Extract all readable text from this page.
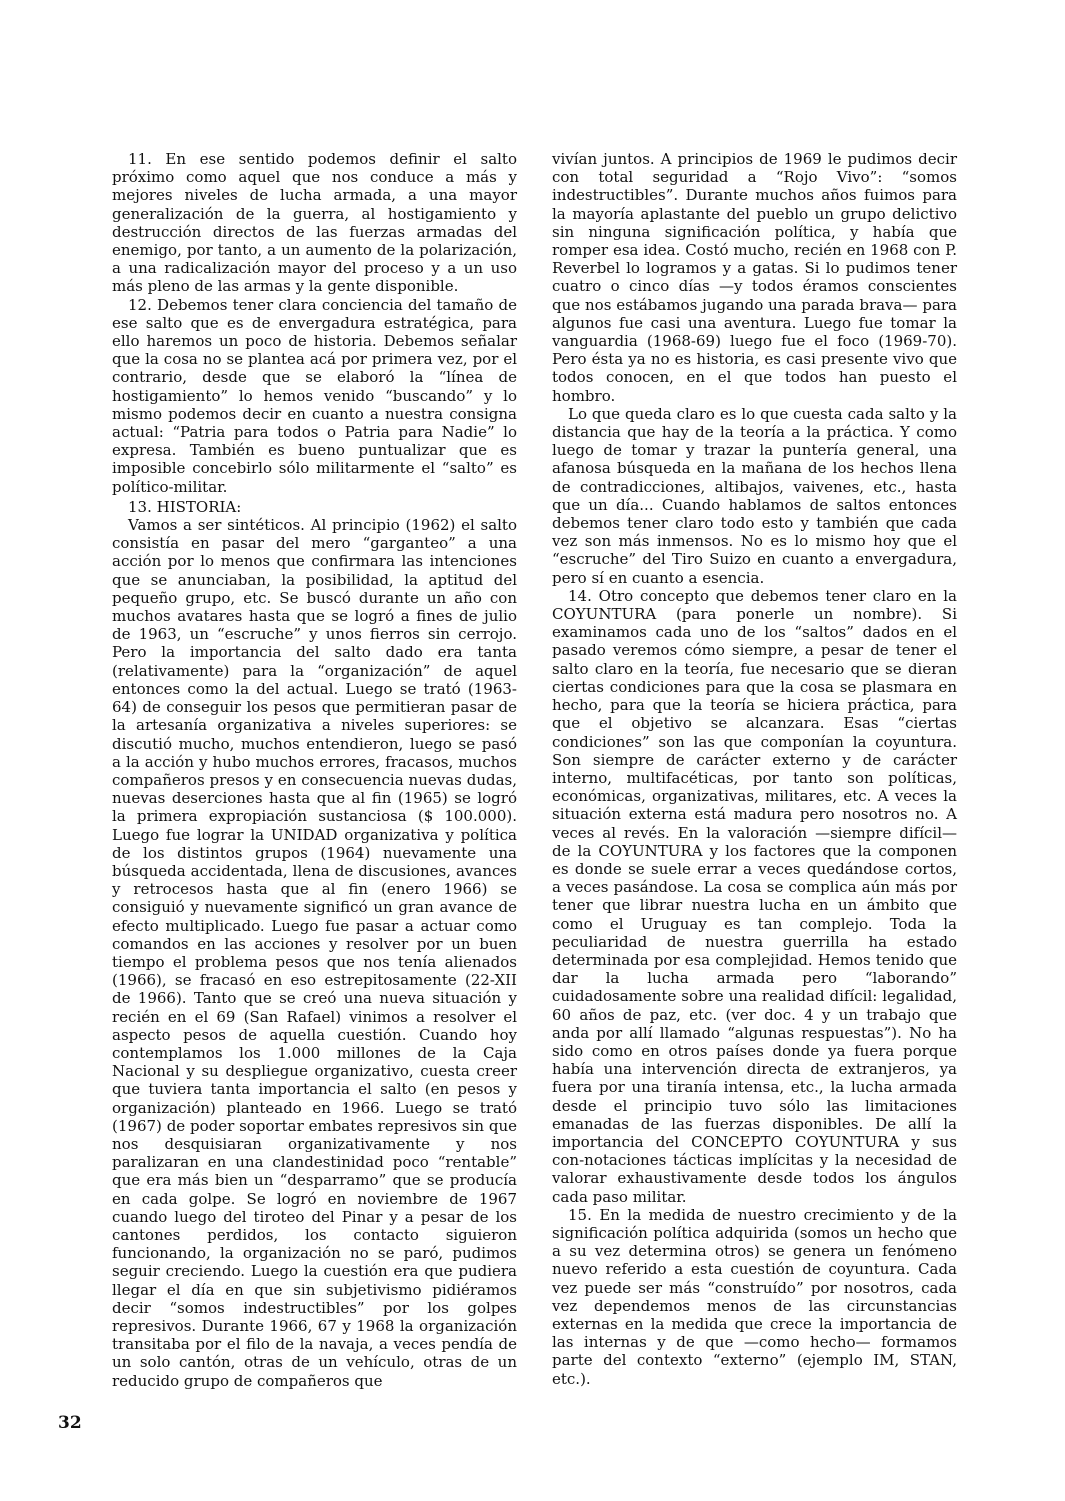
11. En ese sentido podemos definir el salto próximo como aquel que nos conduce a más y mejores niveles de lucha armada, a una mayor generalización de la guerra, al hostigamiento y destrucción directos de las fuerzas armadas del enemigo, por tanto, a un aumento de la polarización, a una radicalización mayor del proceso y a un uso más pleno de las armas y la gente disponible.

12. Debemos tener clara conciencia del tamaño de ese salto que es de envergadura estratégica, para ello haremos un poco de historia. Debemos señalar que la cosa no se plantea acá por primera vez, por el contrario, desde que se elaboró la “línea de hostigamiento” lo hemos venido “buscando” y lo mismo podemos decir en cuanto a nuestra consigna actual: “Patria para todos o Patria para Nadie” lo expresa. También es bueno puntualizar que es imposible concebirlo sólo militarmente el “salto” es político-militar.

13. HISTORIA:

Vamos a ser sintéticos. Al principio (1962) el salto consistía en pasar del mero “garganteo” a una acción por lo menos que confirmara las intenciones que se anunciaban, la posibilidad, la aptitud del pequeño grupo, etc. Se buscó durante un año con muchos avatares hasta que se logró a fines de julio de 1963, un “escruche” y unos fierros sin cerrojo. Pero la importancia del salto dado era tanta (relativamente) para la “organización” de aquel entonces como la del actual. Luego se trató (1963-64) de conseguir los pesos que permitieran pasar de la artesanía organizativa a niveles superiores: se discutió mucho, muchos entendieron, luego se pasó a la acción y hubo muchos errores, fracasos, muchos compañeros presos y en consecuencia nuevas dudas, nuevas deserciones hasta que al fin (1965) se logró la primera expropiación sustanciosa ($ 100.000). Luego fue lograr la UNIDAD organizativa y política de los distintos grupos (1964) nuevamente una búsqueda accidentada, llena de discusiones, avances y retrocesos hasta que al fin (enero 1966) se consiguió y nuevamente significó un gran avance de efecto multiplicado. Luego fue pasar a actuar como comandos en las acciones y resolver por un buen tiempo el problema pesos que nos tenía alienados (1966), se fracasó en eso estrepitosamente (22-XII de 1966). Tanto que se creó una nueva situación y recién en el 69 (San Rafael) vinimos a resolver el aspecto pesos de aquella cuestión. Cuando hoy contemplamos los 1.000 millones de la Caja Nacional y su despliegue organizativo, cuesta creer que tuviera tanta importancia el salto (en pesos y organización) planteado en 1966. Luego se trató (1967) de poder soportar embates represivos sin que nos desquisiaran organizativamente y nos paralizaran en una clandestinidad poco “rentable” que era más bien un “desparramo” que se producía en cada golpe. Se logró en noviembre de 1967 cuando luego del tiroteo del Pinar y a pesar de los cantones perdidos, los contacto siguieron funcionando, la organización no se paró, pudimos seguir creciendo. Luego la cuestión era que pudiera llegar el día en que sin subjetivismo pidiéramos decir “somos indestructibles” por los golpes represivos. Durante 1966, 67 y 1968 la organización transitaba por el filo de la navaja, a veces pendía de un solo cantón, otras de un vehículo, otras de un reducido grupo de compañeros que

vivían juntos. A principios de 1969 le pudimos decir con total seguridad a “Rojo Vivo”: “somos indestructibles”. Durante muchos años fuimos para la mayoría aplastante del pueblo un grupo delictivo sin ninguna significación política, y había que romper esa idea. Costó mucho, recién en 1968 con P. Reverbel lo logramos y a gatas. Si lo pudimos tener cuatro o cinco días —y todos éramos conscientes que nos estábamos jugando una parada brava— para algunos fue casi una aventura. Luego fue tomar la vanguardia (1968-69) luego fue el foco (1969-70). Pero ésta ya no es historia, es casi presente vivo que todos conocen, en el que todos han puesto el hombro.

Lo que queda claro es lo que cuesta cada salto y la distancia que hay de la teoría a la práctica. Y como luego de tomar y trazar la puntería general, una afanosa búsqueda en la mañana de los hechos llena de contradicciones, altibajos, vaivenes, etc., hasta que un día... Cuando hablamos de saltos entonces debemos tener claro todo esto y también que cada vez son más inmensos. No es lo mismo hoy que el “escruche” del Tiro Suizo en cuanto a envergadura, pero sí en cuanto a esencia.

14. Otro concepto que debemos tener claro en la COYUNTURA (para ponerle un nombre). Si examinamos cada uno de los “saltos” dados en el pasado veremos cómo siempre, a pesar de tener el salto claro en la teoría, fue necesario que se dieran ciertas condiciones para que la cosa se plasmara en hecho, para que la teoría se hiciera práctica, para que el objetivo se alcanzara. Esas “ciertas condiciones” son las que componían la coyuntura. Son siempre de carácter externo y de carácter interno, multifacéticas, por tanto son políticas, económicas, organizativas, militares, etc. A veces la situación externa está madura pero nosotros no. A veces al revés. En la valoración —siempre difícil— de la COYUNTURA y los factores que la componen es donde se suele errar a veces quedándose cortos, a veces pasándose. La cosa se complica aún más por tener que librar nuestra lucha en un ámbito que como el Uruguay es tan complejo. Toda la peculiaridad de nuestra guerrilla ha estado determinada por esa complejidad. Hemos tenido que dar la lucha armada pero “laborando” cuidadosamente sobre una realidad difícil: legalidad, 60 años de paz, etc. (ver doc. 4 y un trabajo que anda por allí llamado “algunas respuestas”). No ha sido como en otros países donde ya fuera porque había una intervención directa de extranjeros, ya fuera por una tiranía intensa, etc., la lucha armada desde el principio tuvo sólo las limitaciones emanadas de las fuerzas disponibles. De allí la importancia del CONCEPTO COYUNTURA y sus con-notaciones tácticas implícitas y la necesidad de valorar exhaustivamente desde todos los ángulos cada paso militar.

15. En la medida de nuestro crecimiento y de la significación política adquirida (somos un hecho que a su vez determina otros) se genera un fenómeno nuevo referido a esta cuestión de coyuntura. Cada vez puede ser más “construído” por nosotros, cada vez dependemos menos de las circunstancias externas en la medida que crece la importancia de las internas y de que —como hecho— formamos parte del contexto “externo” (ejemplo IM, STAN, etc.).

32
